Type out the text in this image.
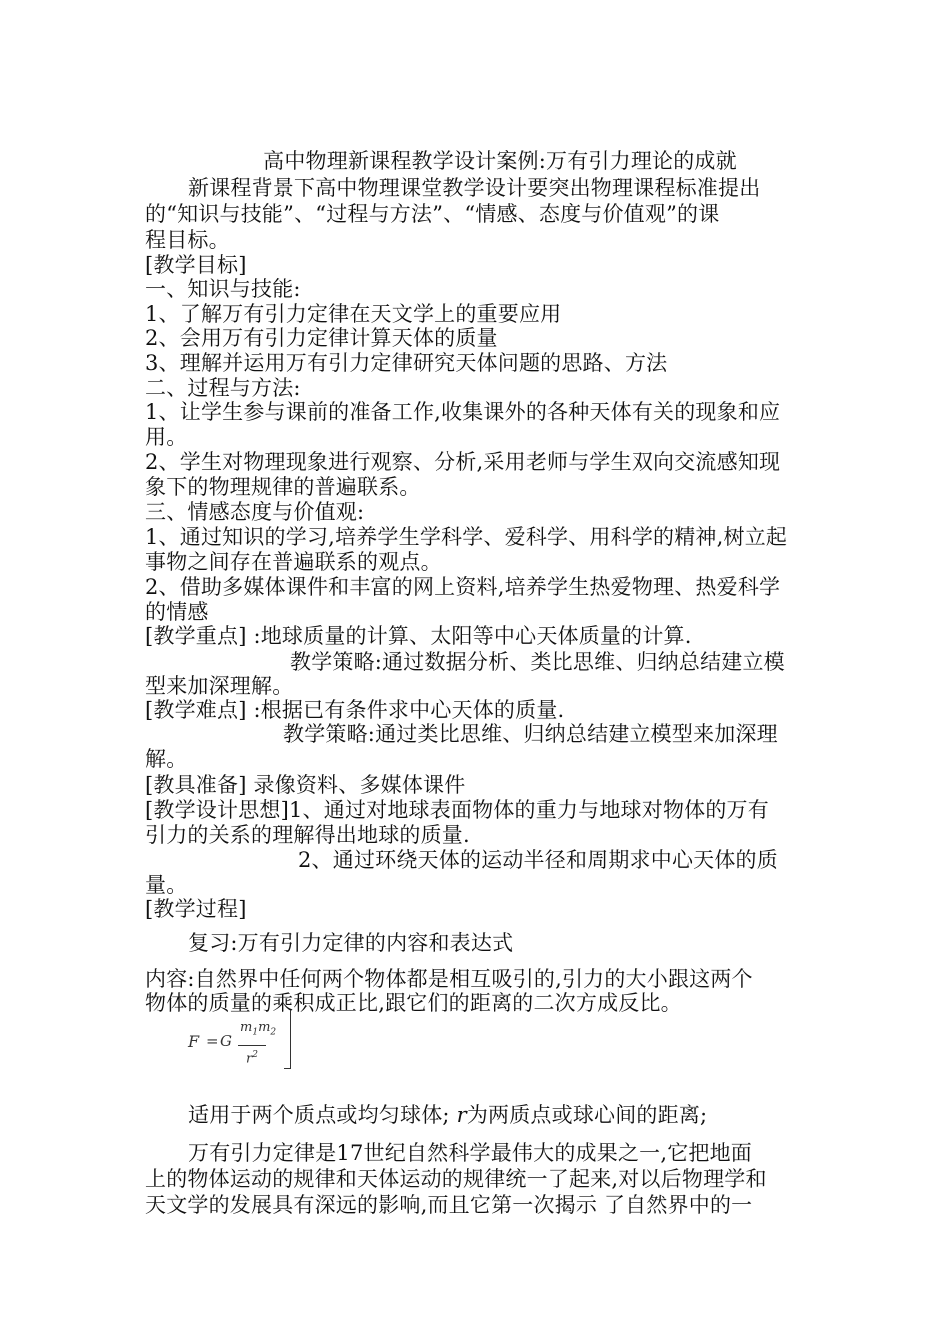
高中物理新课程教学设计案例:万有引力理论的成就
新课程背景下高中物理课堂教学设计要突出物理课程标准提出
的“知识与技能”、“过程与方法”、“情感、态度与价值观”的课
程目标。
[教学目标]
一、知识与技能:
1、了解万有引力定律在天文学上的重要应用
2、会用万有引力定律计算天体的质量
3、理解并运用万有引力定律研究天体问题的思路、方法
二、过程与方法:
1、让学生参与课前的准备工作,收集课外的各种天体有关的现象和应
用。
2、学生对物理现象进行观察、分析,采用老师与学生双向交流感知现
象下的物理规律的普遍联系。
三、情感态度与价值观:
1、通过知识的学习,培养学生学科学、爱科学、用科学的精神,树立起
事物之间存在普遍联系的观点。
2、借助多媒体课件和丰富的网上资料,培养学生热爱物理、热爱科学
的情感
[教学重点] :地球质量的计算、太阳等中心天体质量的计算.
教学策略:通过数据分析、类比思维、归纳总结建立模
型来加深理解。
[教学难点] :根据已有条件求中心天体的质量.
教学策略:通过类比思维、归纳总结建立模型来加深理
解。
[教具准备] 录像资料、多媒体课件
[教学设计思想]1、通过对地球表面物体的重力与地球对物体的万有
引力的关系的理解得出地球的质量.
2、通过环绕天体的运动半径和周期求中心天体的质
量。
[教学过程]
复习:万有引力定律的内容和表达式
内容:自然界中任何两个物体都是相互吸引的,引力的大小跟这两个
物体的质量的乘积成正比,跟它们的距离的二次方成反比。
F = G
$m_1m_2$
$r^2$
适用于两个质点或均匀球体; r为两质点或球心间的距离;
万有引力定律是17世纪自然科学最伟大的成果之一,它把地面
上的物体运动的规律和天体运动的规律统一了起来,对以后物理学和
天文学的发展具有深远的影响,而且它第一次揭示 了自然界中的一
